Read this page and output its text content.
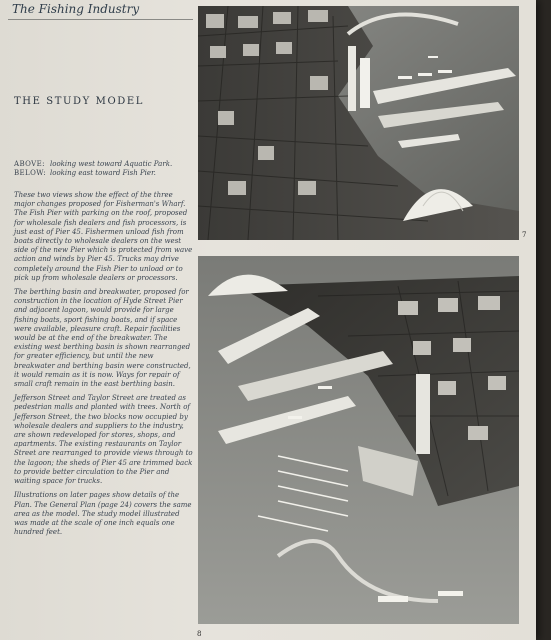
The Fishing Industry
THE STUDY MODEL

ABOVE: looking west toward Aquatic Park.

BELOW: looking east toward Fish Pier.

These two views show the effect of the three major changes proposed for Fisherman's Wharf. The Fish Pier with parking on the roof, proposed for wholesale fish dealers and fish processors, is just east of Pier 45. Fishermen unload fish from boats directly to wholesale dealers on the west side of the new Pier which is protected from wave action and winds by Pier 45. Trucks may drive completely around the Fish Pier to unload or to pick up from wholesale dealers or processors.

The berthing basin and breakwater, proposed for construction in the location of Hyde Street Pier and adjacent lagoon, would provide for large fishing boats, sport fishing boats, and if space were available, pleasure craft. Repair facilities would be at the end of the breakwater. The existing west berthing basin is shown rearranged for greater efficiency, but until the new breakwater and berthing basin were constructed, it would remain as it is now. Ways for repair of small craft remain in the east berthing basin.

Jefferson Street and Taylor Street are treated as pedestrian malls and planted with trees. North of Jefferson Street, the two blocks now occupied by wholesale dealers and suppliers to the industry, are shown redeveloped for stores, shops, and apartments. The existing restaurants on Taylor Street are rearranged to provide views through to the lagoon; the sheds of Pier 45 are trimmed back to provide better circulation to the Pier and waiting space for trucks.

Illustrations on later pages show details of the Plan. The General Plan (page 24) covers the same area as the model. The study model illustrated was made at the scale of one inch equals one hundred feet.

7
8
